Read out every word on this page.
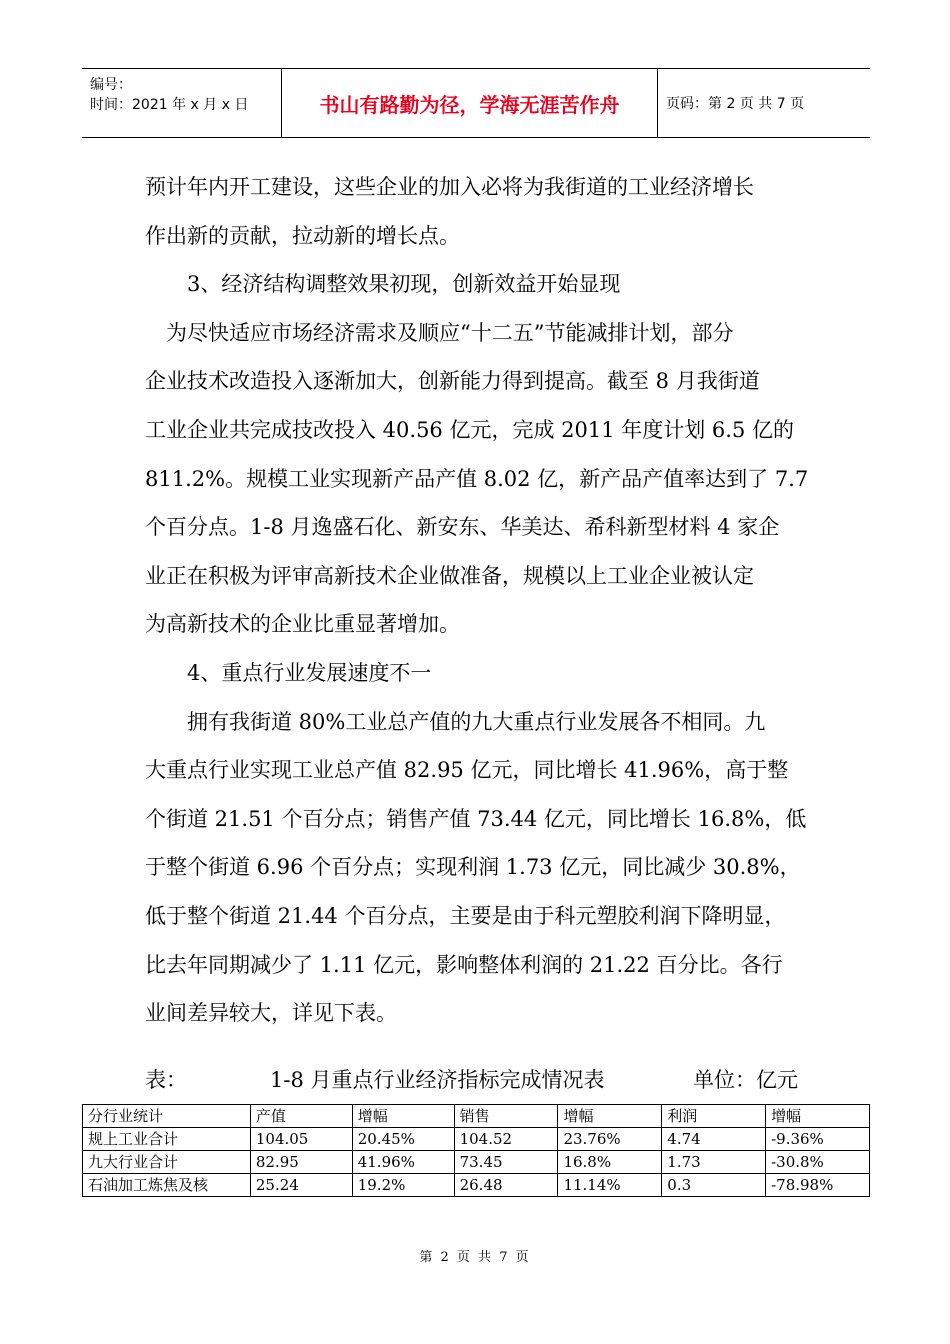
编号：
时间：2021 年 x 月 x 日	书山有路勤为径，学海无涯苦作舟	页码：第 2 页 共 7 页
预计年内开工建设，这些企业的加入必将为我街道的工业经济增长
作出新的贡献，拉动新的增长点。
3、经济结构调整效果初现，创新效益开始显现
为尽快适应市场经济需求及顺应“十二五”节能减排计划，部分
企业技术改造投入逐渐加大，创新能力得到提高。截至 8 月我街道
工业企业共完成技改投入 40.56 亿元，完成 2011 年度计划 6.5 亿的
811.2%。规模工业实现新产品产值 8.02 亿，新产品产值率达到了 7.7
个百分点。1-8 月逸盛石化、新安东、华美达、希科新型材料 4 家企
业正在积极为评审高新技术企业做准备，规模以上工业企业被认定
为高新技术的企业比重显著增加。
4、重点行业发展速度不一
拥有我街道 80%工业总产值的九大重点行业发展各不相同。九
大重点行业实现工业总产值 82.95 亿元，同比增长 41.96%，高于整
个街道 21.51 个百分点；销售产值 73.44 亿元，同比增长 16.8%，低
于整个街道 6.96 个百分点；实现利润 1.73 亿元，同比减少 30.8%，
低于整个街道 21.44 个百分点，主要是由于科元塑胶利润下降明显，
比去年同期减少了 1.11 亿元，影响整体利润的 21.22 百分比。各行
业间差异较大，详见下表。
表：	1-8 月重点行业经济指标完成情况表	单位：亿元
分行业统计	产值	增幅	销售	增幅	利润	增幅
规上工业合计	104.05	20.45%	104.52	23.76%	4.74	-9.36%
九大行业合计	82.95	41.96%	73.45	16.8%	1.73	-30.8%
石油加工炼焦及核	25.24	19.2%	26.48	11.14%	0.3	-78.98%
第 2 页 共 7 页
